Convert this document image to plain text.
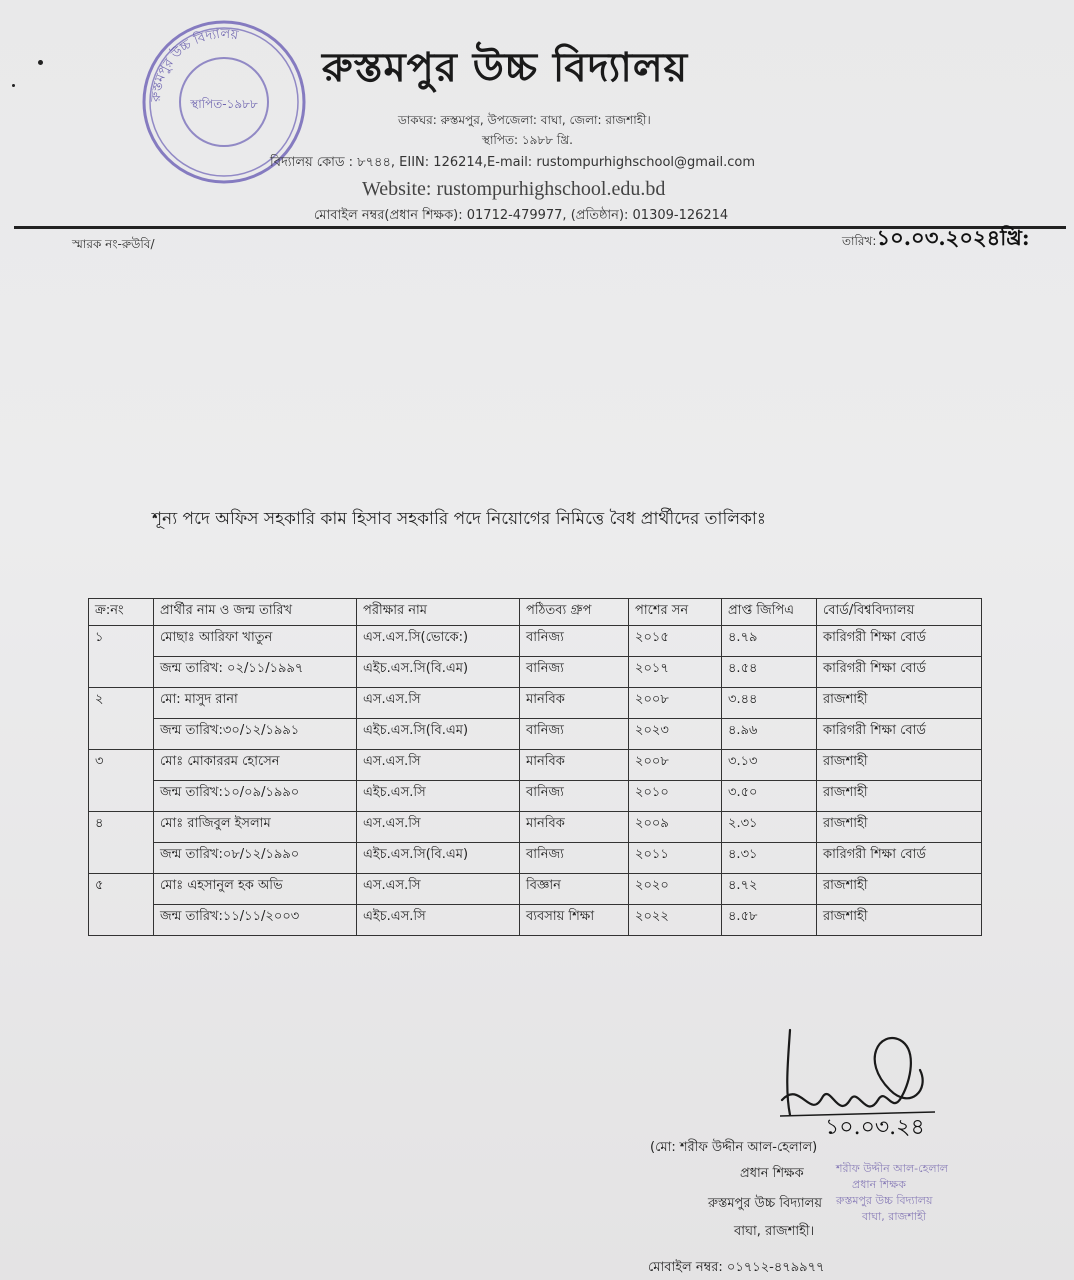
রুস্তমপুর উচ্চ বিদ্যালয়
স্থাপিত-১৯৮৮
রুস্তমপুর উচ্চ বিদ্যালয়
ডাকঘর: রুস্তমপুর, উপজেলা: বাঘা, জেলা: রাজশাহী।
স্থাপিত: ১৯৮৮ খ্রি.
বিদ্যালয় কোড : ৮৭৪৪, EIIN: 126214,E-mail: rustompurhighschool@gmail.com
Website: rustompurhighschool.edu.bd
মোবাইল নম্বর(প্রধান শিক্ষক): 01712-479977, (প্রতিষ্ঠান): 01309-126214
স্মারক নং-রুউবি/	তারিখ:১০.০৩.২০২৪খ্রি:
শূন্য পদে অফিস সহকারি কাম হিসাব সহকারি পদে নিয়োগের নিমিত্তে বৈধ প্রার্থীদের তালিকাঃ
ক্র:নং	প্রার্থীর নাম ও জন্ম তারিখ	পরীক্ষার নাম	পঠিতব্য গ্রুপ	পাশের সন	প্রাপ্ত জিপিএ	বোর্ড/বিশ্ববিদ্যালয়
১	মোছাঃ আরিফা খাতুন	এস.এস.সি(ভোকে:)	বানিজ্য	২০১৫	৪.৭৯	কারিগরী শিক্ষা বোর্ড
	জন্ম তারিখ: ০২/১১/১৯৯৭	এইচ.এস.সি(বি.এম)	বানিজ্য	২০১৭	৪.৫৪	কারিগরী শিক্ষা বোর্ড
২	মো: মাসুদ রানা	এস.এস.সি	মানবিক	২০০৮	৩.৪৪	রাজশাহী
	জন্ম তারিখ:৩০/১২/১৯৯১	এইচ.এস.সি(বি.এম)	বানিজ্য	২০২৩	৪.৯৬	কারিগরী শিক্ষা বোর্ড
৩	মোঃ মোকাররম হোসেন	এস.এস.সি	মানবিক	২০০৮	৩.১৩	রাজশাহী
	জন্ম তারিখ:১০/০৯/১৯৯০	এইচ.এস.সি	বানিজ্য	২০১০	৩.৫০	রাজশাহী
৪	মোঃ রাজিবুল ইসলাম	এস.এস.সি	মানবিক	২০০৯	২.৩১	রাজশাহী
	জন্ম তারিখ:০৮/১২/১৯৯০	এইচ.এস.সি(বি.এম)	বানিজ্য	২০১১	৪.৩১	কারিগরী শিক্ষা বোর্ড
৫	মোঃ এহসানুল হক অভি	এস.এস.সি	বিজ্ঞান	২০২০	৪.৭২	রাজশাহী
	জন্ম তারিখ:১১/১১/২০০৩	এইচ.এস.সি	ব্যবসায় শিক্ষা	২০২২	৪.৫৮	রাজশাহী
১০.০৩.২৪
(মো: শরীফ উদ্দীন আল-হেলাল)
প্রধান শিক্ষক
রুস্তমপুর উচ্চ বিদ্যালয়
বাঘা, রাজশাহী।
মোবাইল নম্বর: ০১৭১২-৪৭৯৯৭৭
শরীফ উদ্দীন আল-হেলাল
প্রধান শিক্ষক
রুস্তমপুর উচ্চ বিদ্যালয়
বাঘা, রাজশাহী
